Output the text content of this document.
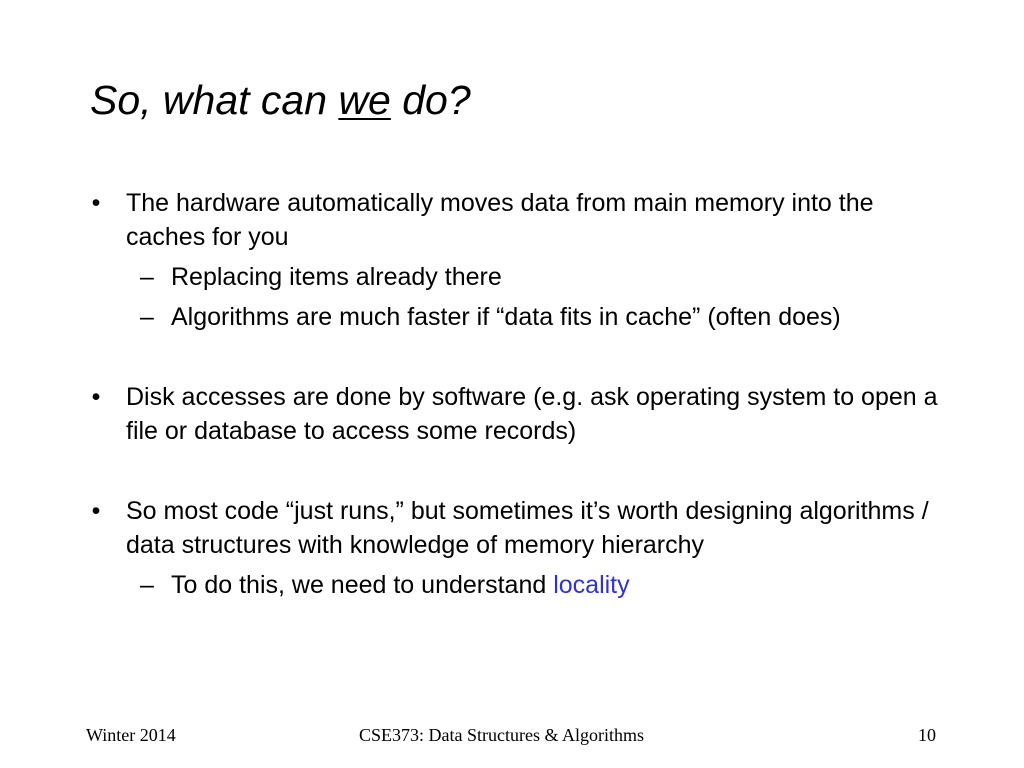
So, what can we do?
• The hardware automatically moves data from main memory into the caches for you
– Replacing items already there
– Algorithms are much faster if “data fits in cache” (often does)
• Disk accesses are done by software (e.g. ask operating system to open a file or database to access some records)
• So most code “just runs,” but sometimes it’s worth designing algorithms / data structures with knowledge of memory hierarchy
– To do this, we need to understand locality
Winter 2014	CSE373: Data Structures & Algorithms	10
